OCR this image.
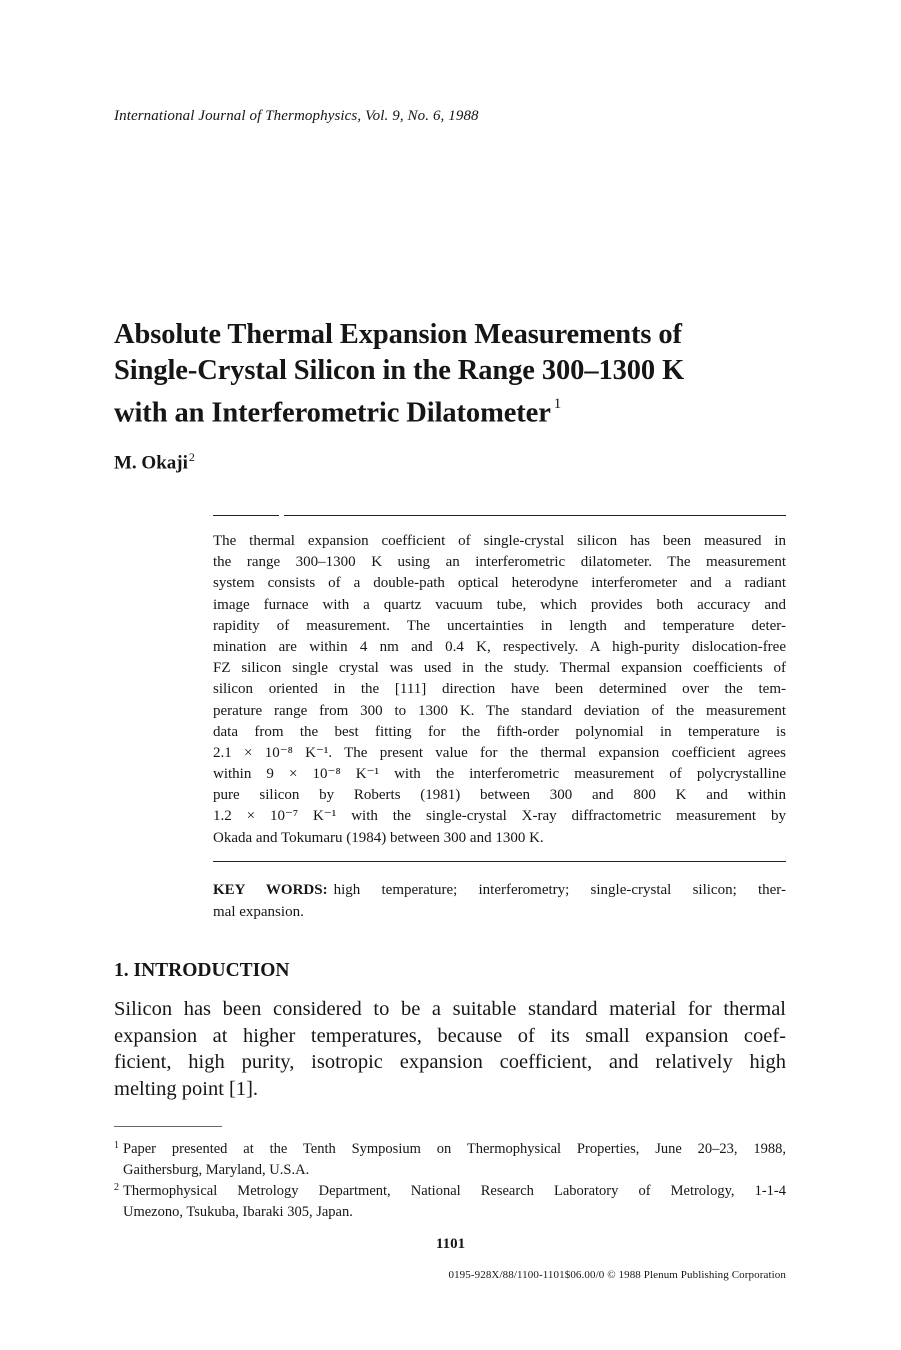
International Journal of Thermophysics, Vol. 9, No. 6, 1988
Absolute Thermal Expansion Measurements of
Single-Crystal Silicon in the Range 300–1300 K
with an Interferometric Dilatometer $^1$
M. Okaji$^2$
The thermal expansion coefficient of single-crystal silicon has been measured in
the range 300–1300 K using an interferometric dilatometer. The measurement
system consists of a double-path optical heterodyne interferometer and a radiant
image furnace with a quartz vacuum tube, which provides both accuracy and
rapidity of measurement. The uncertainties in length and temperature deter-
mination are within 4 nm and 0.4 K, respectively. A high-purity dislocation-free
FZ silicon single crystal was used in the study. Thermal expansion coefficients of
silicon oriented in the [111] direction have been determined over the tem-
perature range from 300 to 1300 K. The standard deviation of the measurement
data from the best fitting for the fifth-order polynomial in temperature is
2.1 × 10⁻⁸ K⁻¹. The present value for the thermal expansion coefficient agrees
within 9 × 10⁻⁸ K⁻¹ with the interferometric measurement of polycrystalline
pure silicon by Roberts (1981) between 300 and 800 K and within
1.2 × 10⁻⁷ K⁻¹ with the single-crystal X-ray diffractometric measurement by
Okada and Tokumaru (1984) between 300 and 1300 K.
KEY WORDS: high temperature; interferometry; single-crystal silicon; ther-
mal expansion.
1. INTRODUCTION
Silicon has been considered to be a suitable standard material for thermal
expansion at higher temperatures, because of its small expansion coef-
ficient, high purity, isotropic expansion coefficient, and relatively high
melting point [1].
1 Paper presented at the Tenth Symposium on Thermophysical Properties, June 20–23, 1988,
Gaithersburg, Maryland, U.S.A.
2 Thermophysical Metrology Department, National Research Laboratory of Metrology, 1-1-4
Umezono, Tsukuba, Ibaraki 305, Japan.
1101
0195-928X/88/1100-1101$06.00/0 © 1988 Plenum Publishing Corporation
